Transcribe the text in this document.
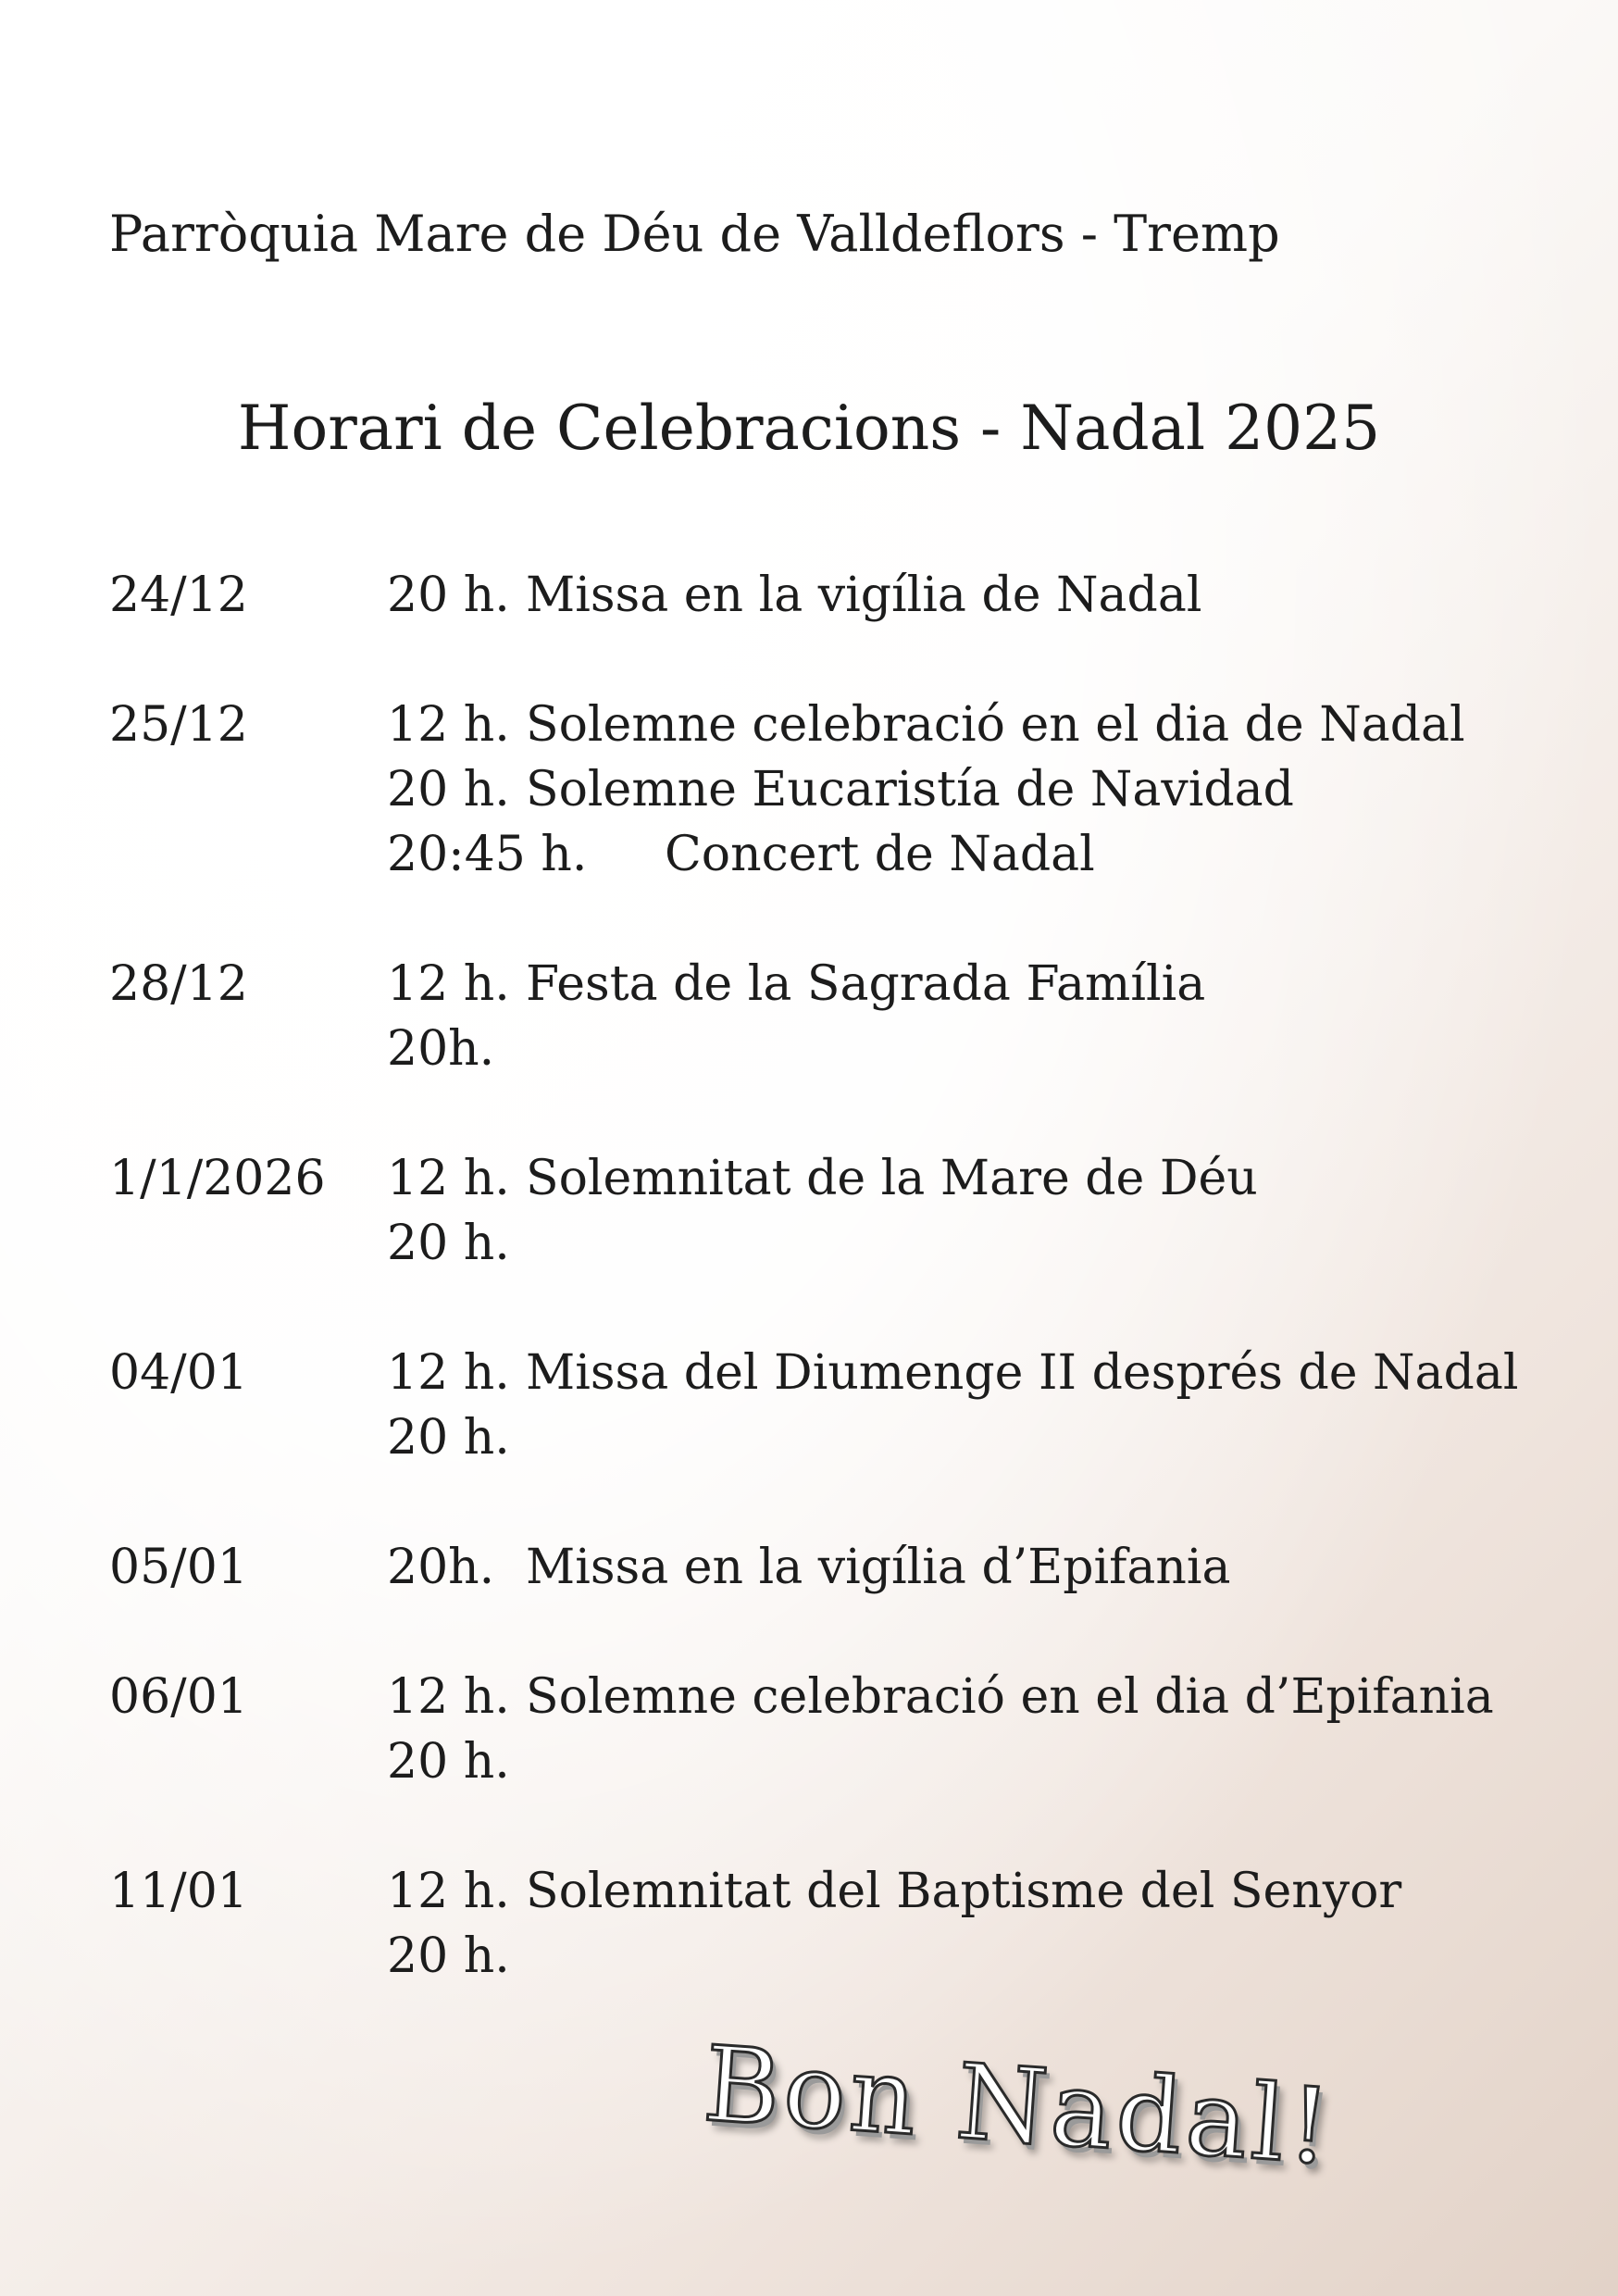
Parròquia Mare de Déu de Valldeflors - Tremp
Horari de Celebracions - Nadal 2025
24/12	20 h. Missa en la vigília de Nadal
25/12	12 h. Solemne celebració en el dia de Nadal
20 h. Solemne Eucaristía de Navidad
20:45 h. Concert de Nadal
28/12	12 h. Festa de la Sagrada Família
20h.
1/1/2026 12 h. Solemnitat de la Mare de Déu
20 h.
04/01	12 h. Missa del Diumenge II després de Nadal
20 h.
05/01	20h. Missa en la vigília d’Epifania
06/01	12 h. Solemne celebració en el dia d’Epifania
20 h.
11/01	12 h. Solemnitat del Baptisme del Senyor
20 h.
Bon Nadal!
